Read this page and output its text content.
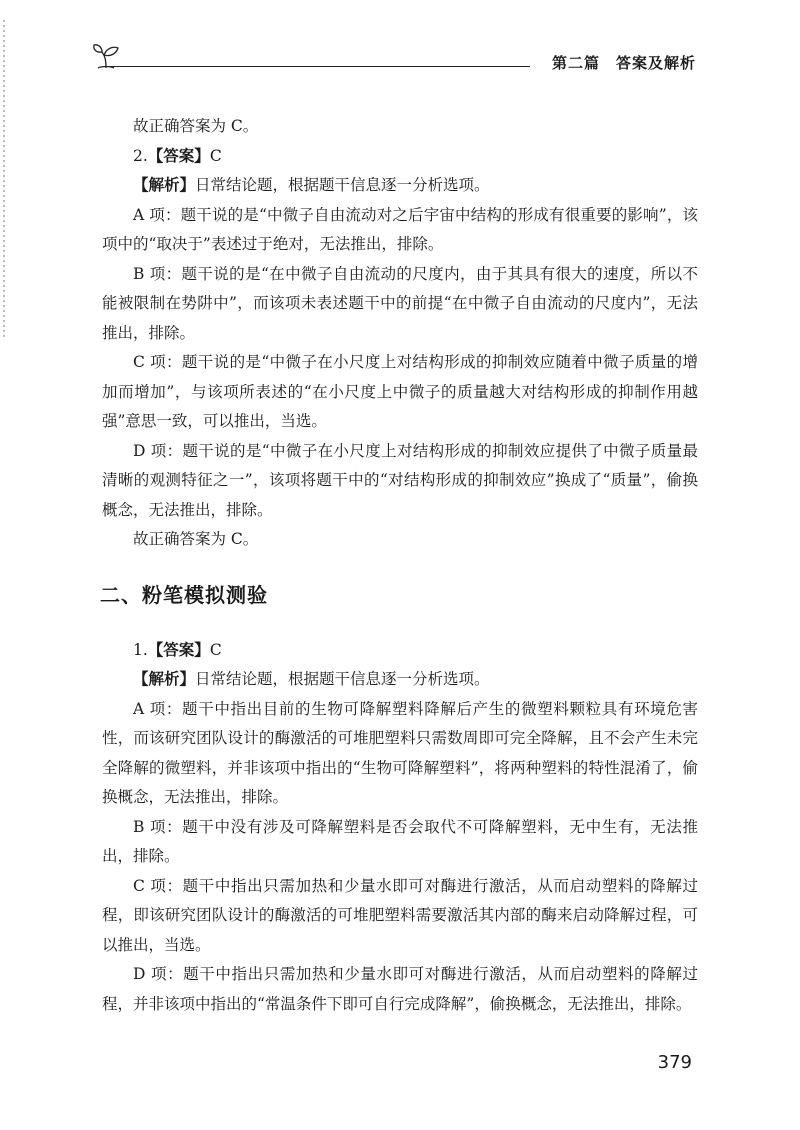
第二篇　答案及解析

故正确答案为 C。

2.【答案】C

【解析】日常结论题，根据题干信息逐一分析选项。

A 项：题干说的是“中微子自由流动对之后宇宙中结构的形成有很重要的影响”，该项中的“取决于”表述过于绝对，无法推出，排除。

B 项：题干说的是“在中微子自由流动的尺度内，由于其具有很大的速度，所以不能被限制在势阱中”，而该项未表述题干中的前提“在中微子自由流动的尺度内”，无法推出，排除。

C 项：题干说的是“中微子在小尺度上对结构形成的抑制效应随着中微子质量的增加而增加”，与该项所表述的“在小尺度上中微子的质量越大对结构形成的抑制作用越强”意思一致，可以推出，当选。

D 项：题干说的是“中微子在小尺度上对结构形成的抑制效应提供了中微子质量最清晰的观测特征之一”，该项将题干中的“对结构形成的抑制效应”换成了“质量”，偷换概念，无法推出，排除。

故正确答案为 C。

二、粉笔模拟测验

1.【答案】C

【解析】日常结论题，根据题干信息逐一分析选项。

A 项：题干中指出目前的生物可降解塑料降解后产生的微塑料颗粒具有环境危害性，而该研究团队设计的酶激活的可堆肥塑料只需数周即可完全降解，且不会产生未完全降解的微塑料，并非该项中指出的“生物可降解塑料”，将两种塑料的特性混淆了，偷换概念，无法推出，排除。

B 项：题干中没有涉及可降解塑料是否会取代不可降解塑料，无中生有，无法推出，排除。

C 项：题干中指出只需加热和少量水即可对酶进行激活，从而启动塑料的降解过程，即该研究团队设计的酶激活的可堆肥塑料需要激活其内部的酶来启动降解过程，可以推出，当选。

D 项：题干中指出只需加热和少量水即可对酶进行激活，从而启动塑料的降解过程，并非该项中指出的“常温条件下即可自行完成降解”，偷换概念，无法推出，排除。

379
